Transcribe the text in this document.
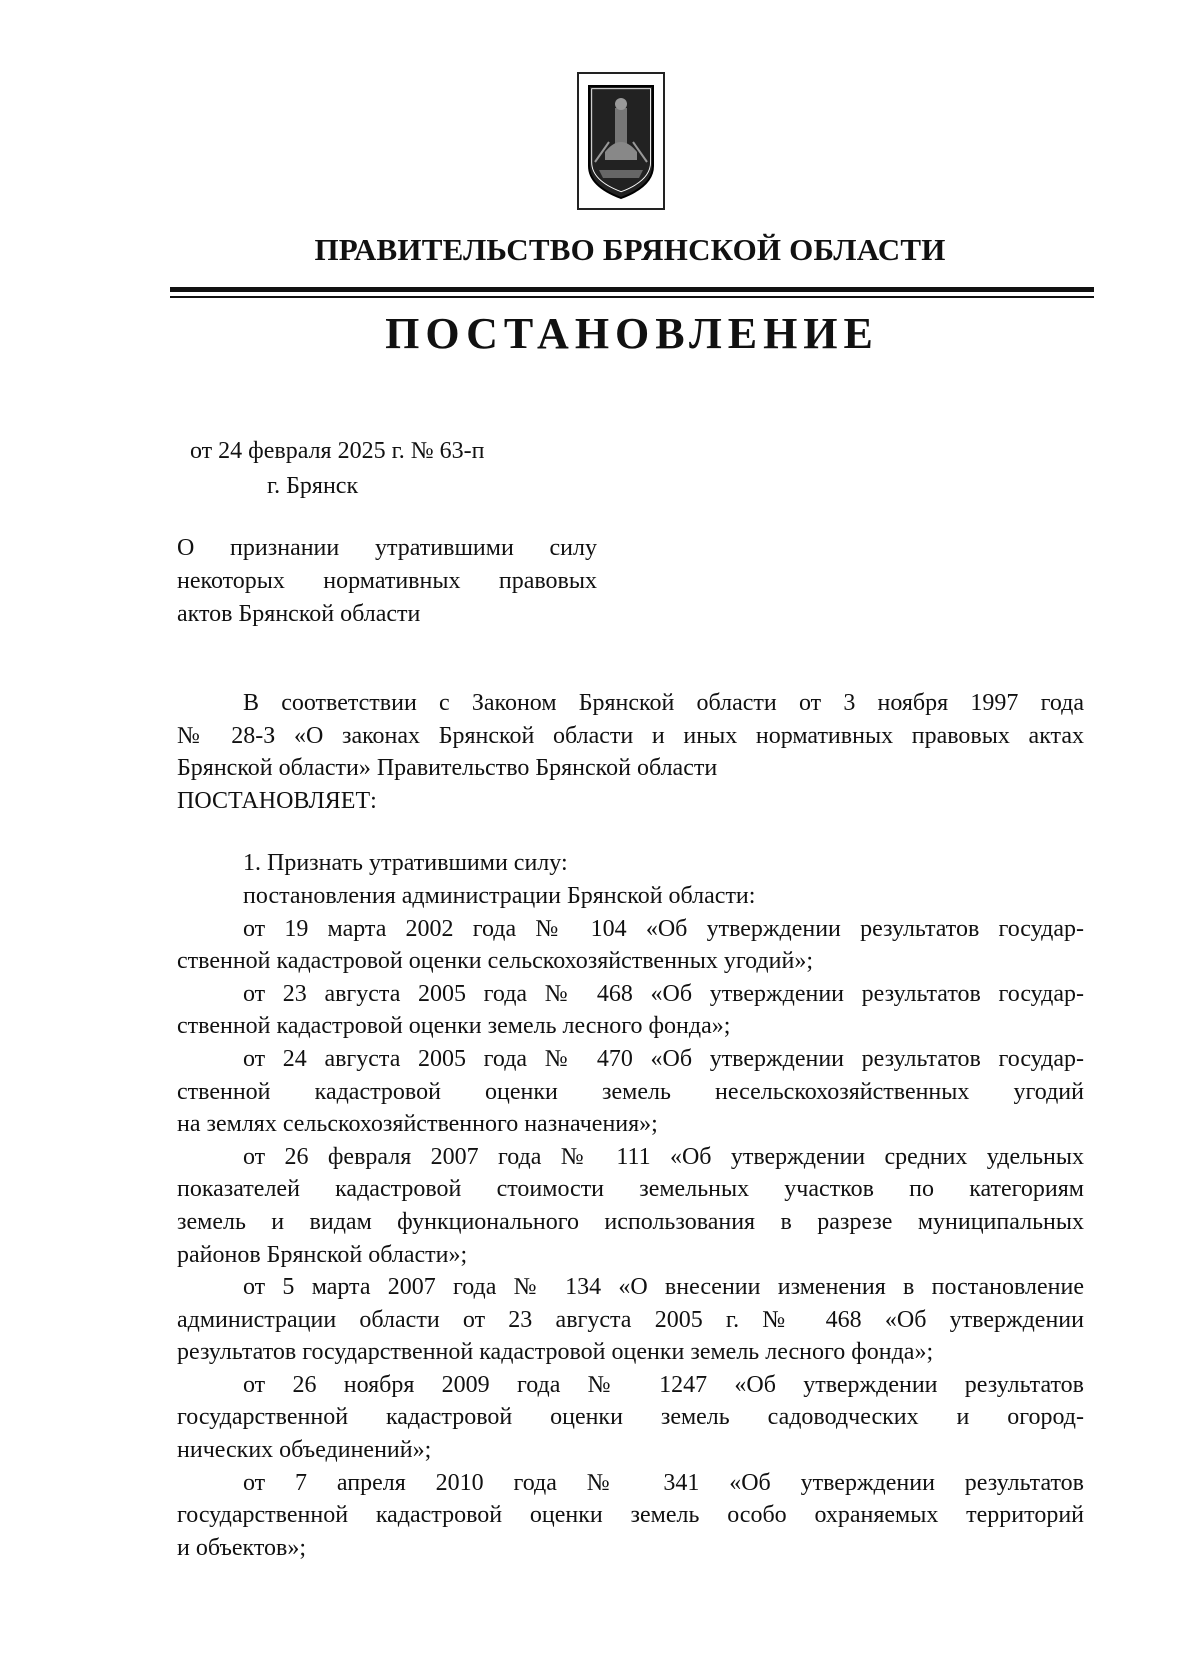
ПРАВИТЕЛЬСТВО БРЯНСКОЙ ОБЛАСТИ
ПОСТАНОВЛЕНИЕ
от 24 февраля 2025 г. № 63-п
г. Брянск
О признании утратившими силу
некоторых нормативных правовых
актов Брянской области
В соответствии с Законом Брянской области от 3 ноября 1997 года
№ 28-З «О законах Брянской области и иных нормативных правовых актах
Брянской области» Правительство Брянской области
ПОСТАНОВЛЯЕТ:
1. Признать утратившими силу:
постановления администрации Брянской области:
от 19 марта 2002 года № 104 «Об утверждении результатов государ-
ственной кадастровой оценки сельскохозяйственных угодий»;
от 23 августа 2005 года № 468 «Об утверждении результатов государ-
ственной кадастровой оценки земель лесного фонда»;
от 24 августа 2005 года № 470 «Об утверждении результатов государ-
ственной кадастровой оценки земель несельскохозяйственных угодий
на землях сельскохозяйственного назначения»;
от 26 февраля 2007 года № 111 «Об утверждении средних удельных
показателей кадастровой стоимости земельных участков по категориям
земель и видам функционального использования в разрезе муниципальных
районов Брянской области»;
от 5 марта 2007 года № 134 «О внесении изменения в постановление
администрации области от 23 августа 2005 г. № 468 «Об утверждении
результатов государственной кадастровой оценки земель лесного фонда»;
от 26 ноября 2009 года № 1247 «Об утверждении результатов
государственной кадастровой оценки земель садоводческих и огород-
нических объединений»;
от 7 апреля 2010 года № 341 «Об утверждении результатов
государственной кадастровой оценки земель особо охраняемых территорий
и объектов»;
